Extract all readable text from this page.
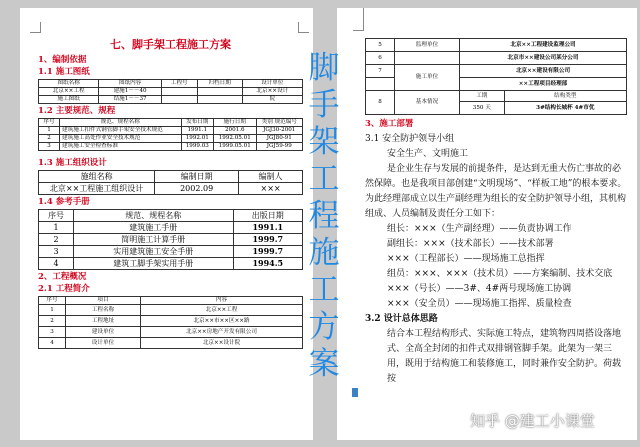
七、脚手架工程施工方案
1、编制依据
1.1 施工图纸
图纸名称	图纸内容	工程号	归档日期	设计单位
北京××工程	建施1－－40			北京××设计
施工图纸	结施1－－37			院
1.2 主要规范、规程
序号	规范、规程名称	发布日期	施行日期	类别 规范编号
1	建筑施工扣件式钢管脚手架安全技术规范	1991.1	2001.6	JGJ30-2001
2	建筑施工高处作业安全技术规范	1992.01	1992.05.01	JGJ80-91
3	建筑施工安全检查标准	1999.03	1999.05.01	JGJ59-99
1.3 施工组织设计
施组名称	编制日期	编制人
北京××工程施工组织设计	2002.09	×××
1.4 参考手册
序号	规范、规程名称	出版日期
1	建筑施工手册	1991.1
2	简明施工计算手册	1999.7
3	实用建筑施工安全手册	1999.7
4	建筑工脚手架实用手册	1994.5
2、工程概况
2.1 工程简介
序号	项目	内容
1	工程名称	北京××工程
2	工程地址	北京××市××区××路
3	建设单位	北京××房地产开发有限公司
4	设计单位	北京××设计院
5	监理单位	北京××工程建设监理公司	
6		北京市××建设公司某分公司	
7	施工单位	北京××建设有限公司	
		××工程项目经理部	
8	基本情况	工期	结构类型
		350 天	3#结构长城杯 4#市优

3、施工部署

3.1 安全防护领导小组

安全生产、文明施工

是企业生存与发展的前提条件，是达到无重大伤亡事故的必

然保障。也是我项目部创建“文明现场”、“样板工地”的根本要求。为此经理部成立以生产副经理为组长的安全防护领导小组，其机构组成、人员编制及责任分工如下：

组长：×××（生产副经理）——负责协调工作

副组长：×××（技术部长）——技术部署

×××（工程部长）——现场施工总指挥

组员：×××、×××（技术员）——方案编制、技术交底

×××（号长）——3#、4#两号现场施工协调

×××（安全员）——现场施工指挥、质量检查

3.2 设计总体思路

结合本工程结构形式、实际施工特点，建筑物四周搭设落地式、全高全封闭的扣件式双排钢管脚手架。此架为一架三用，既用于结构施工和装修施工，同时兼作安全防护。荷载按

脚
手
架
工
程
施
工
方
案
知乎 @建工小课堂
